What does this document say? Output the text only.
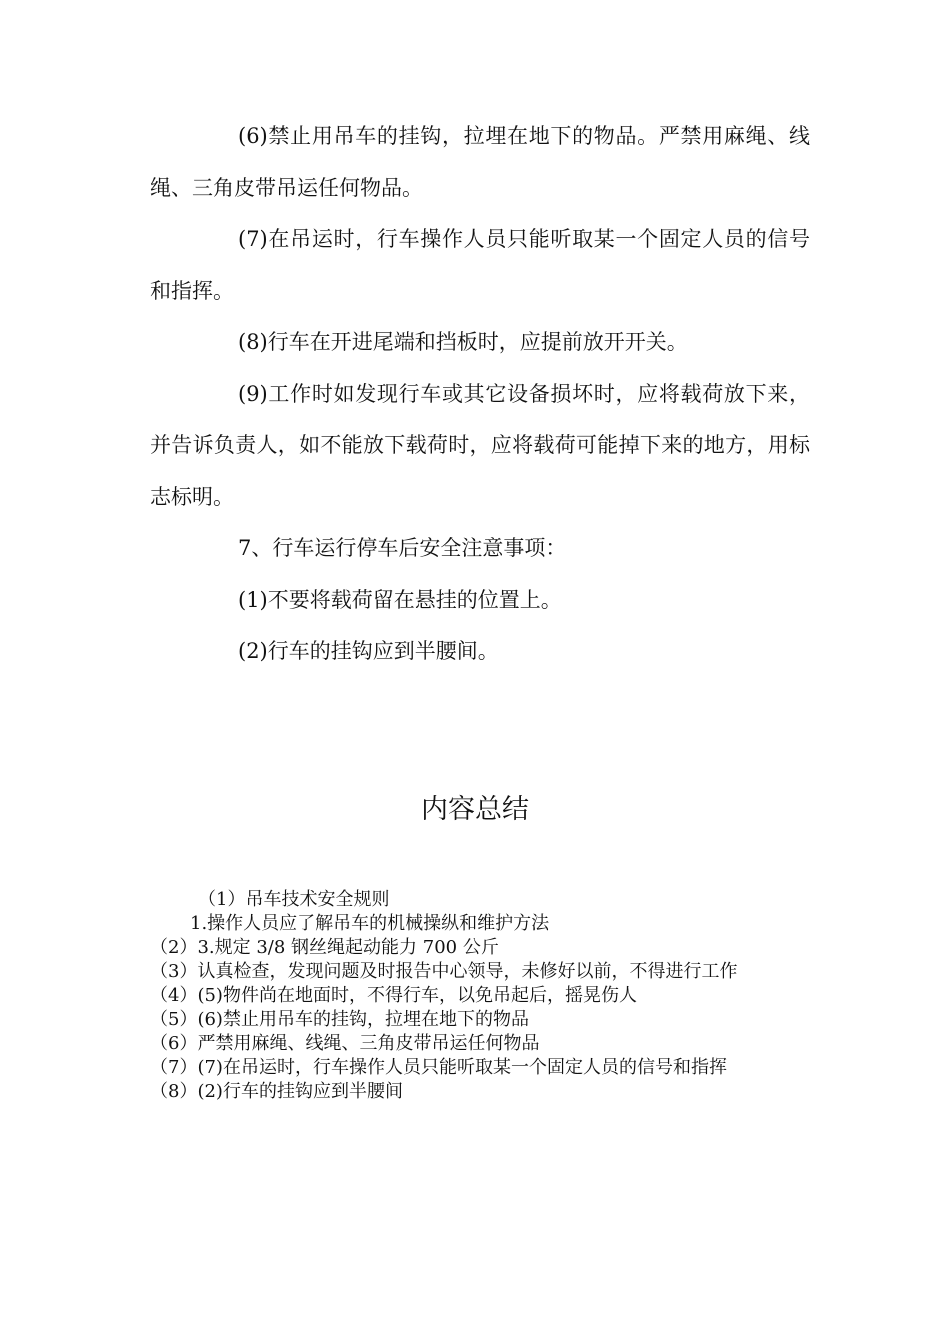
(6)禁止用吊车的挂钩，拉埋在地下的物品。严禁用麻绳、线绳、三角皮带吊运任何物品。

(7)在吊运时，行车操作人员只能听取某一个固定人员的信号和指挥。

(8)行车在开进尾端和挡板时，应提前放开开关。

(9)工作时如发现行车或其它设备损坏时，应将载荷放下来，并告诉负责人，如不能放下载荷时，应将载荷可能掉下来的地方，用标志标明。

7、行车运行停车后安全注意事项：

(1)不要将载荷留在悬挂的位置上。

(2)行车的挂钩应到半腰间。

内容总结
（1）吊车技术安全规则
1.操作人员应了解吊车的机械操纵和维护方法
（2）3.规定 3/8 钢丝绳起动能力 700 公斤
（3）认真检查，发现问题及时报告中心领导，未修好以前，不得进行工作
（4）(5)物件尚在地面时，不得行车，以免吊起后，摇晃伤人
（5）(6)禁止用吊车的挂钩，拉埋在地下的物品
（6）严禁用麻绳、线绳、三角皮带吊运任何物品
（7）(7)在吊运时，行车操作人员只能听取某一个固定人员的信号和指挥
（8）(2)行车的挂钩应到半腰间
